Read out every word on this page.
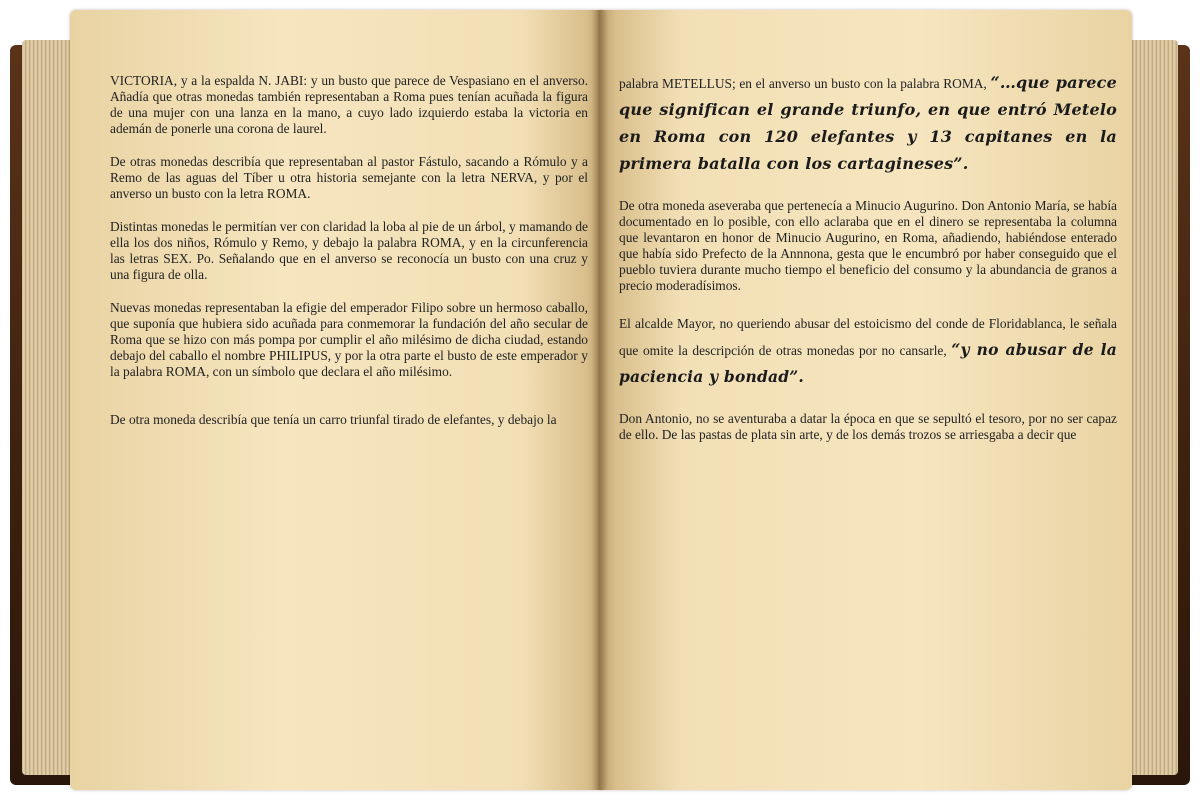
VICTORIA, y a la espalda N. JABI: y un busto que parece de Vespasiano en el anverso. Añadía que otras monedas también representaban a Roma pues tenían acuñada la figura de una mujer con una lanza en la mano, a cuyo lado izquierdo estaba la victoria en ademán de ponerle una corona de laurel.

De otras monedas describía que representaban al pastor Fástulo, sacando a Rómulo y a Remo de las aguas del Tíber u otra historia semejante con la letra NERVA, y por el anverso un busto con la letra ROMA.

Distintas monedas le permitían ver con claridad la loba al pie de un árbol, y mamando de ella los dos niños, Rómulo y Remo, y debajo la palabra ROMA, y en la circunferencia las letras SEX. Po. Señalando que en el anverso se reconocía un busto con una cruz y una figura de olla.

Nuevas monedas representaban la efigie del emperador Filipo sobre un hermoso caballo, que suponía que hubiera sido acuñada para conmemorar la fundación del año secular de Roma que se hizo con más pompa por cumplir el año milésimo de dicha ciudad, estando debajo del caballo el nombre PHILIPUS, y por la otra parte el busto de este emperador y la palabra ROMA, con un símbolo que declara el año milésimo.

De otra moneda describía que tenía un carro triunfal tirado de elefantes, y debajo la

palabra METELLUS; en el anverso un busto con la palabra ROMA, “…que parece que significan el grande triunfo, en que entró Metelo en Roma con 120 elefantes y 13 capitanes en la primera batalla con los cartagineses”.

De otra moneda aseveraba que pertenecía a Minucio Augurino. Don Antonio María, se había documentado en lo posible, con ello aclaraba que en el dinero se representaba la columna que levantaron en honor de Minucio Augurino, en Roma, añadiendo, habiéndose enterado que había sido Prefecto de la Annnona, gesta que le encumbró por haber conseguido que el pueblo tuviera durante mucho tiempo el beneficio del consumo y la abundancia de granos a precio moderadísimos.

El alcalde Mayor, no queriendo abusar del estoicismo del conde de Floridablanca, le señala que omite la descripción de otras monedas por no cansarle, “y no abusar de la paciencia y bondad”.

Don Antonio, no se aventuraba a datar la época en que se sepultó el tesoro, por no ser capaz de ello. De las pastas de plata sin arte, y de los demás trozos se arriesgaba a decir que
